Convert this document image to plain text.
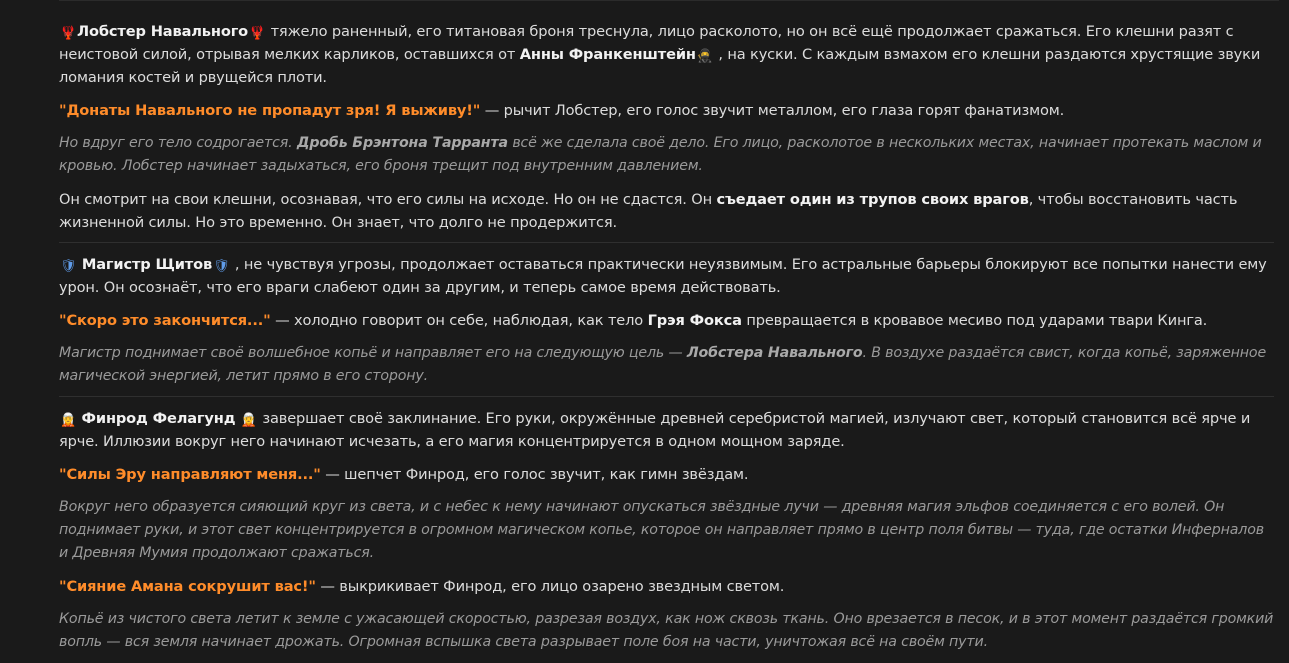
🦞Лобстер Навального🦞 тяжело раненный, его титановая броня треснула, лицо расколото, но он всё ещё продолжает сражаться. Его клешни разят с неистовой силой, отрывая мелких карликов, оставшихся от Анны Франкенштейн🥷 , на куски. С каждым взмахом его клешни раздаются хрустящие звуки ломания костей и рвущейся плоти.

"Донаты Навального не пропадут зря! Я выживу!" — рычит Лобстер, его голос звучит металлом, его глаза горят фанатизмом.

Но вдруг его тело содрогается. Дробь Брэнтона Тарранта всё же сделала своё дело. Его лицо, расколотое в нескольких местах, начинает протекать маслом и кровью. Лобстер начинает задыхаться, его броня трещит под внутренним давлением.

Он смотрит на свои клешни, осознавая, что его силы на исходе. Но он не сдастся. Он съедает один из трупов своих врагов, чтобы восстановить часть жизненной силы. Но это временно. Он знает, что долго не продержится.

🛡 Магистр Щитов🛡 , не чувствуя угрозы, продолжает оставаться практически неуязвимым. Его астральные барьеры блокируют все попытки нанести ему урон. Он осознаёт, что его враги слабеют один за другим, и теперь самое время действовать.

"Скоро это закончится..." — холодно говорит он себе, наблюдая, как тело Грэя Фокса превращается в кровавое месиво под ударами твари Кинга.

Магистр поднимает своё волшебное копьё и направляет его на следующую цель — Лобстера Навального. В воздухе раздаётся свист, когда копьё, заряженное магической энергией, летит прямо в его сторону.

🧝 Финрод Фелагунд 🧝 завершает своё заклинание. Его руки, окружённые древней серебристой магией, излучают свет, который становится всё ярче и ярче. Иллюзии вокруг него начинают исчезать, а его магия концентрируется в одном мощном заряде.

"Силы Эру направляют меня..." — шепчет Финрод, его голос звучит, как гимн звёздам.

Вокруг него образуется сияющий круг из света, и с небес к нему начинают опускаться звёздные лучи — древняя магия эльфов соединяется с его волей. Он поднимает руки, и этот свет концентрируется в огромном магическом копье, которое он направляет прямо в центр поля битвы — туда, где остатки Инферналов и Древняя Мумия продолжают сражаться.

"Сияние Амана сокрушит вас!" — выкрикивает Финрод, его лицо озарено звездным светом.

Копьё из чистого света летит к земле с ужасающей скоростью, разрезая воздух, как нож сквозь ткань. Оно врезается в песок, и в этот момент раздаётся громкий вопль — вся земля начинает дрожать. Огромная вспышка света разрывает поле боя на части, уничтожая всё на своём пути.
